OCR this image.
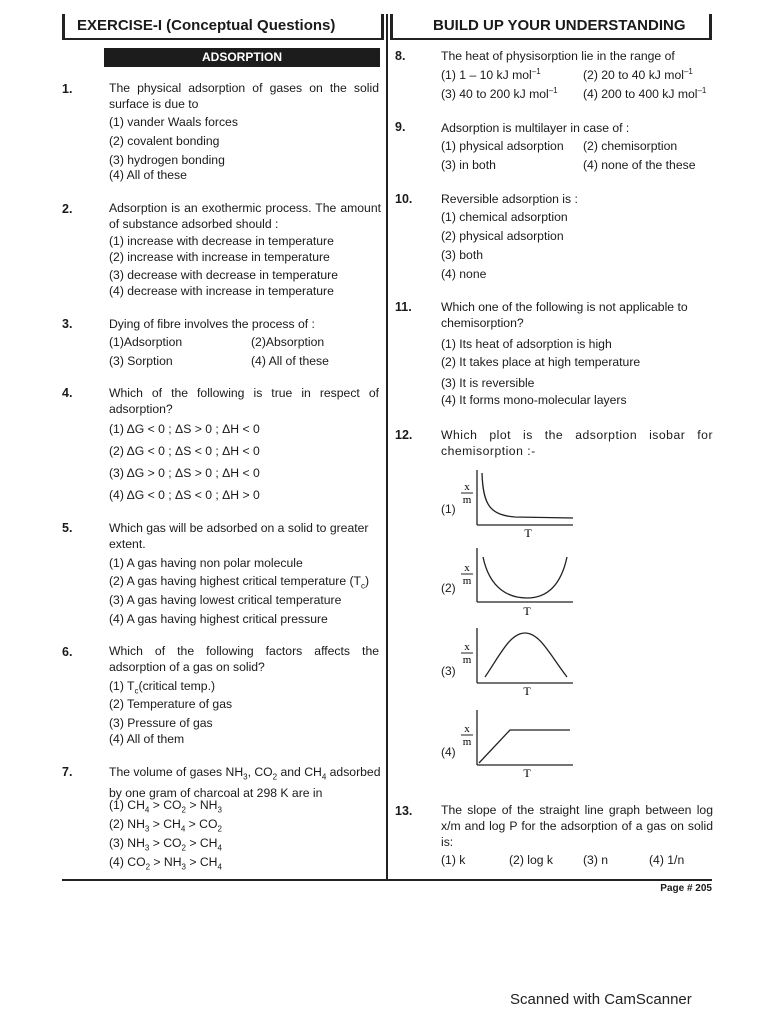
EXERCISE-I (Conceptual Questions)	BUILD UP YOUR UNDERSTANDING
ADSORPTION
1.	The physical adsorption of gases on the solid surface is due to
(1) vander Waals forces
(2) covalent bonding
(3) hydrogen bonding
(4) All of these
2.	Adsorption is an exothermic process. The amount of substance adsorbed should :
(1) increase with decrease in temperature
(2) increase with increase in temperature
(3) decrease with decrease in temperature
(4) decrease with increase in temperature
3.	Dying of fibre involves the process of :
(1)Adsorption	(2)Absorption
(3) Sorption	(4) All of these
4.	Which of the following is true in respect of adsorption?
(1) ΔG < 0 ; ΔS > 0 ; ΔH < 0
(2) ΔG < 0 ; ΔS < 0 ; ΔH < 0
(3) ΔG > 0 ; ΔS > 0 ; ΔH < 0
(4) ΔG < 0 ; ΔS < 0 ; ΔH > 0
5.	Which gas will be adsorbed on a solid to greater extent.
(1) A gas having non polar molecule
(2) A gas having highest critical temperature $(T_c)$
(3) A gas having lowest critical temperature
(4) A gas having highest critical pressure
6.	Which of the following factors affects the adsorption of a gas on solid?
(1) $T_c(critical$ temp.)
(2) Temperature of gas
(3) Pressure of gas
(4) All of them
7.	The volume of gases $NH_3$, $CO_2$ and $CH_4$ adsorbed by one gram of charcoal at 298 K are in
(1) $CH_4 > CO_2 > NH_3$
(2) $NH_3 > CH_4 > CO_2$
(3) $NH_3 > CO_2 > CH_4$
(4) $CO_2 > NH_3 > CH_4$
8.	The heat of physisorption lie in the range of
(1) 1 – 10 kJ mol$^{-1}$	(2) 20 to 40 kJ mol$^{-1}$
(3) 40 to 200 kJ mol$^{-1}$ (4) 200 to 400 kJ mol$^{-1}$
9.	Adsorption is multilayer in case of :
(1) physical adsorption (2) chemisorption
(3) in both	(4) none of the these
10. Reversible adsorption is :
(1) chemical adsorption
(2) physical adsorption
(3) both
(4) none
11. Which one of the following is not applicable to chemisorption?
(1) Its heat of adsorption is high
(2) It takes place at high temperature
(3) It is reversible
(4) It forms mono-molecular layers
12. Which plot is the adsorption isobar for chemisorption :-
(1)
x
m
T
(2)
x
m
T
(3)
x
m
T
(4)
x
m
T
13. The slope of the straight line graph between log x/m and log P for the adsorption of a gas on solid is:
(1) k	(2) log k (3) n	(4) 1/n
Page # 205
Scanned with CamScanner
